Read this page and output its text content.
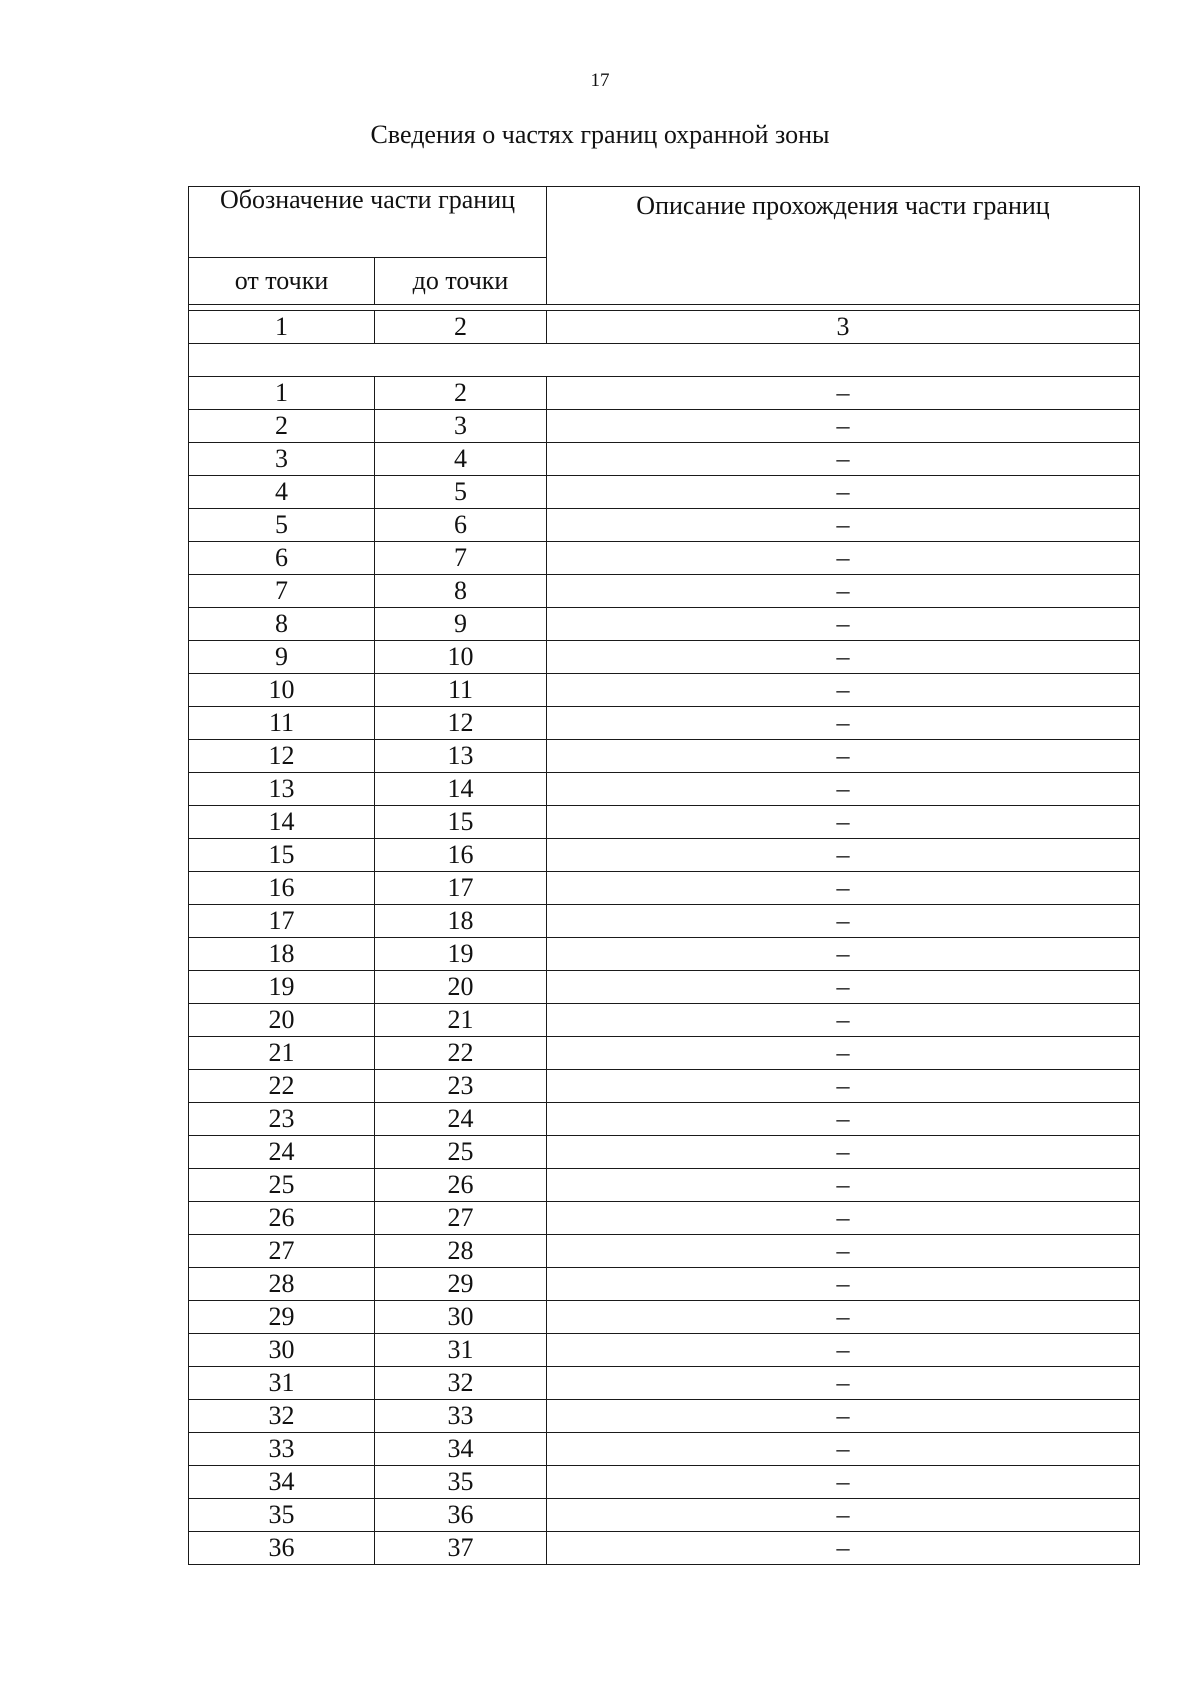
17
Сведения о частях границ охранной зоны
Обозначение части границ		Описание прохождения части границ
от точки	до точки	

1	2	3

1	2	–
2	3	–
3	4	–
4	5	–
5	6	–
6	7	–
7	8	–
8	9	–
9	10	–
10	11	–
11	12	–
12	13	–
13	14	–
14	15	–
15	16	–
16	17	–
17	18	–
18	19	–
19	20	–
20	21	–
21	22	–
22	23	–
23	24	–
24	25	–
25	26	–
26	27	–
27	28	–
28	29	–
29	30	–
30	31	–
31	32	–
32	33	–
33	34	–
34	35	–
35	36	–
36	37	–
